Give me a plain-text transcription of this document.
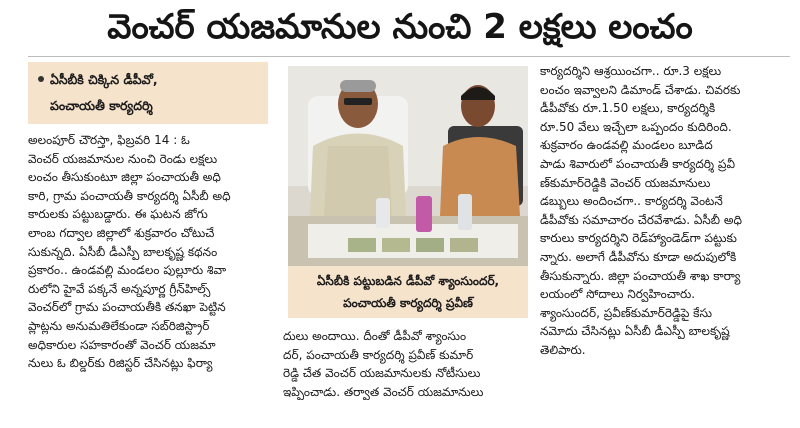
వెంచర్ యజమానుల నుంచి 2 లక్షలు లంచం
ఏసీబీకి చిక్కిన డీపీవో,
పంచాయతీ కార్యదర్శి
అలంపూర్ చౌరస్తా, ఫిబ్రవరి 14 : ఓ
వెంచర్ యజమానుల నుంచి రెండు లక్షలు
లంచం తీసుకుంటూ జిల్లా పంచాయతీ అధి
కారి, గ్రామ పంచాయతీ కార్యదర్శి ఏసీబీ అధి
కారులకు పట్టుబడ్డారు. ఈ ఘటన జోగు
లాంబ గద్వాల జిల్లాలో శుక్రవారం చోటుచే
సుకున్నది. ఏసీబీ డీఎస్పీ బాలకృష్ణ కథనం
ప్రకారం.. ఉండవల్లి మండలం పుల్లూరు శివా
రులోని హైవే పక్కనే అన్నపూర్ణ గ్రీన్‌హిల్స్
వెంచర్‌లో గ్రామ పంచాయతీకి తనఖా పెట్టిన
ప్లాట్లను అనుమతిలేకుండా సబ్‌రిజిస్ట్రార్
అధికారుల సహకారంతో వెంచర్ యజమా
నులు ఓ బిల్డర్‌కు రిజిస్టర్ చేసినట్లు ఫిర్యా
ఏసీబీకి పట్టుబడిన డీపీవో శ్యాంసుందర్,
పంచాయతీ కార్యదర్శి ప్రవీణ్
దులు అందాయి. దీంతో డీపీవో శ్యాంసుం
దర్, పంచాయతీ కార్యదర్శి ప్రవీణ్ కుమార్
రెడ్డి చేత వెంచర్ యజమానులకు నోటీసులు
ఇప్పించాడు. తర్వాత వెంచర్ యజమానులు
కార్యదర్శిని ఆశ్రయించగా.. రూ.3 లక్షలు
లంచం ఇవ్వాలని డిమాండ్ చేశాడు. చివరకు
డీపీవోకు రూ.1.50 లక్షలు, కార్యదర్శికి
రూ.50 వేలు ఇచ్చేలా ఒప్పందం కుదిరింది.
శుక్రవారం ఉండవల్లి మండలం బూడిద
పాడు శివారులో పంచాయతీ కార్యదర్శి ప్రవీ
ణ్‌కుమార్‌రెడ్డికి వెంచర్ యజమానులు
డబ్బులు అందించగా.. కార్యదర్శి వెంటనే
డీపీవోకు సమాచారం చేరవేశాడు. ఏసీబీ అధి
కారులు కార్యదర్శిని రెడ్‌హ్యాండెడ్‌గా పట్టుకు
న్నారు. అలాగే డీపీవోను కూడా అదుపులోకి
తీసుకున్నారు. జిల్లా పంచాయతీ శాఖ కార్యా
లయంలో సోదాలు నిర్వహించారు.
శ్యాంసుందర్, ప్రవీణ్‌కుమార్‌రెడ్డిపై కేసు
నమోదు చేసినట్లు ఏసీబీ డీఎస్పీ బాలకృష్ణ
తెలిపారు.
